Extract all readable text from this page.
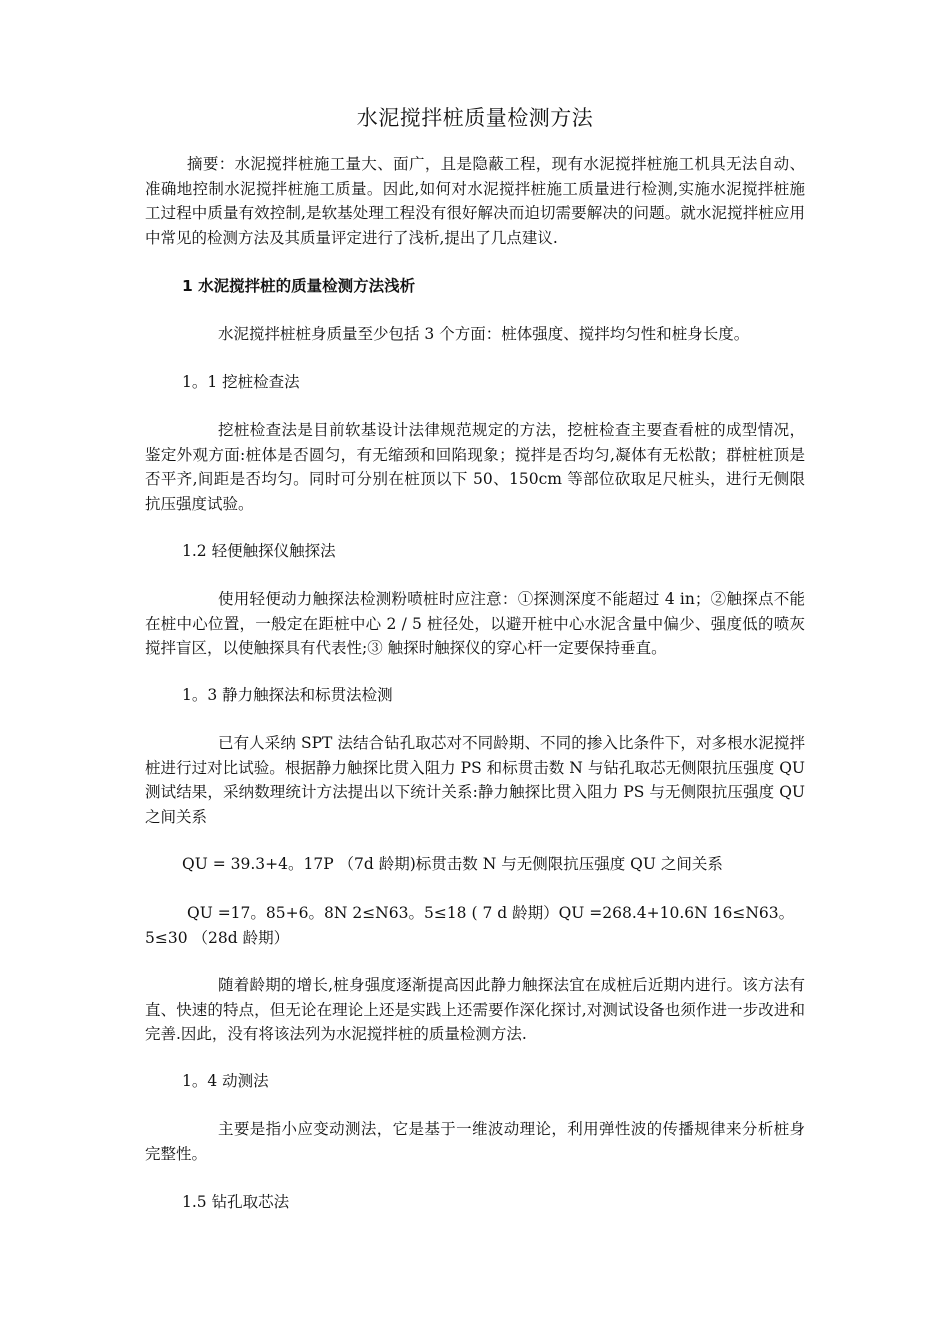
水泥搅拌桩质量检测方法

摘要：水泥搅拌桩施工量大、面广，且是隐蔽工程，现有水泥搅拌桩施工机具无法自动、准确地控制水泥搅拌桩施工质量。因此,如何对水泥搅拌桩施工质量进行检测,实施水泥搅拌桩施工过程中质量有效控制,是软基处理工程没有很好解决而迫切需要解决的问题。就水泥搅拌桩应用中常见的检测方法及其质量评定进行了浅析,提出了几点建议.

1 水泥搅拌桩的质量检测方法浅析

水泥搅拌桩桩身质量至少包括 3 个方面：桩体强度、搅拌均匀性和桩身长度。

1。1 挖桩检查法

挖桩检查法是目前软基设计法律规范规定的方法，挖桩检查主要查看桩的成型情况，鉴定外观方面:桩体是否圆匀，有无缩颈和回陷现象；搅拌是否均匀,凝体有无松散；群桩桩顶是否平齐,间距是否均匀。同时可分别在桩顶以下 50、150cm 等部位砍取足尺桩头，进行无侧限抗压强度试验。

1.2 轻便触探仪触探法

使用轻便动力触探法检测粉喷桩时应注意：①探测深度不能超过 4 in；②触探点不能在桩中心位置，一般定在距桩中心 2 / 5 桩径处，以避开桩中心水泥含量中偏少、强度低的喷灰搅拌盲区，以使触探具有代表性;③ 触探时触探仪的穿心杆一定要保持垂直。

1。3 静力触探法和标贯法检测

已有人采纳 SPT 法结合钻孔取芯对不同龄期、不同的掺入比条件下，对多根水泥搅拌桩进行过对比试验。根据静力触探比贯入阻力 PS 和标贯击数 N 与钻孔取芯无侧限抗压强度 QU 测试结果，采纳数理统计方法提出以下统计关系:静力触探比贯入阻力 PS 与无侧限抗压强度 QU 之间关系

QU = 39.3+4。17P （7d 龄期)标贯击数 N 与无侧限抗压强度 QU 之间关系

QU =17。85+6。8N 2≤N63。5≤18 ( 7 d 龄期）QU =268.4+10.6N 16≤N63。5≤30 （28d 龄期）

随着龄期的增长,桩身强度逐渐提高因此静力触探法宜在成桩后近期内进行。该方法有直、快速的特点，但无论在理论上还是实践上还需要作深化探讨,对测试设备也须作进一步改进和完善.因此，没有将该法列为水泥搅拌桩的质量检测方法.

1。4 动测法

主要是指小应变动测法，它是基于一维波动理论，利用弹性波的传播规律来分析桩身完整性。

1.5 钻孔取芯法
